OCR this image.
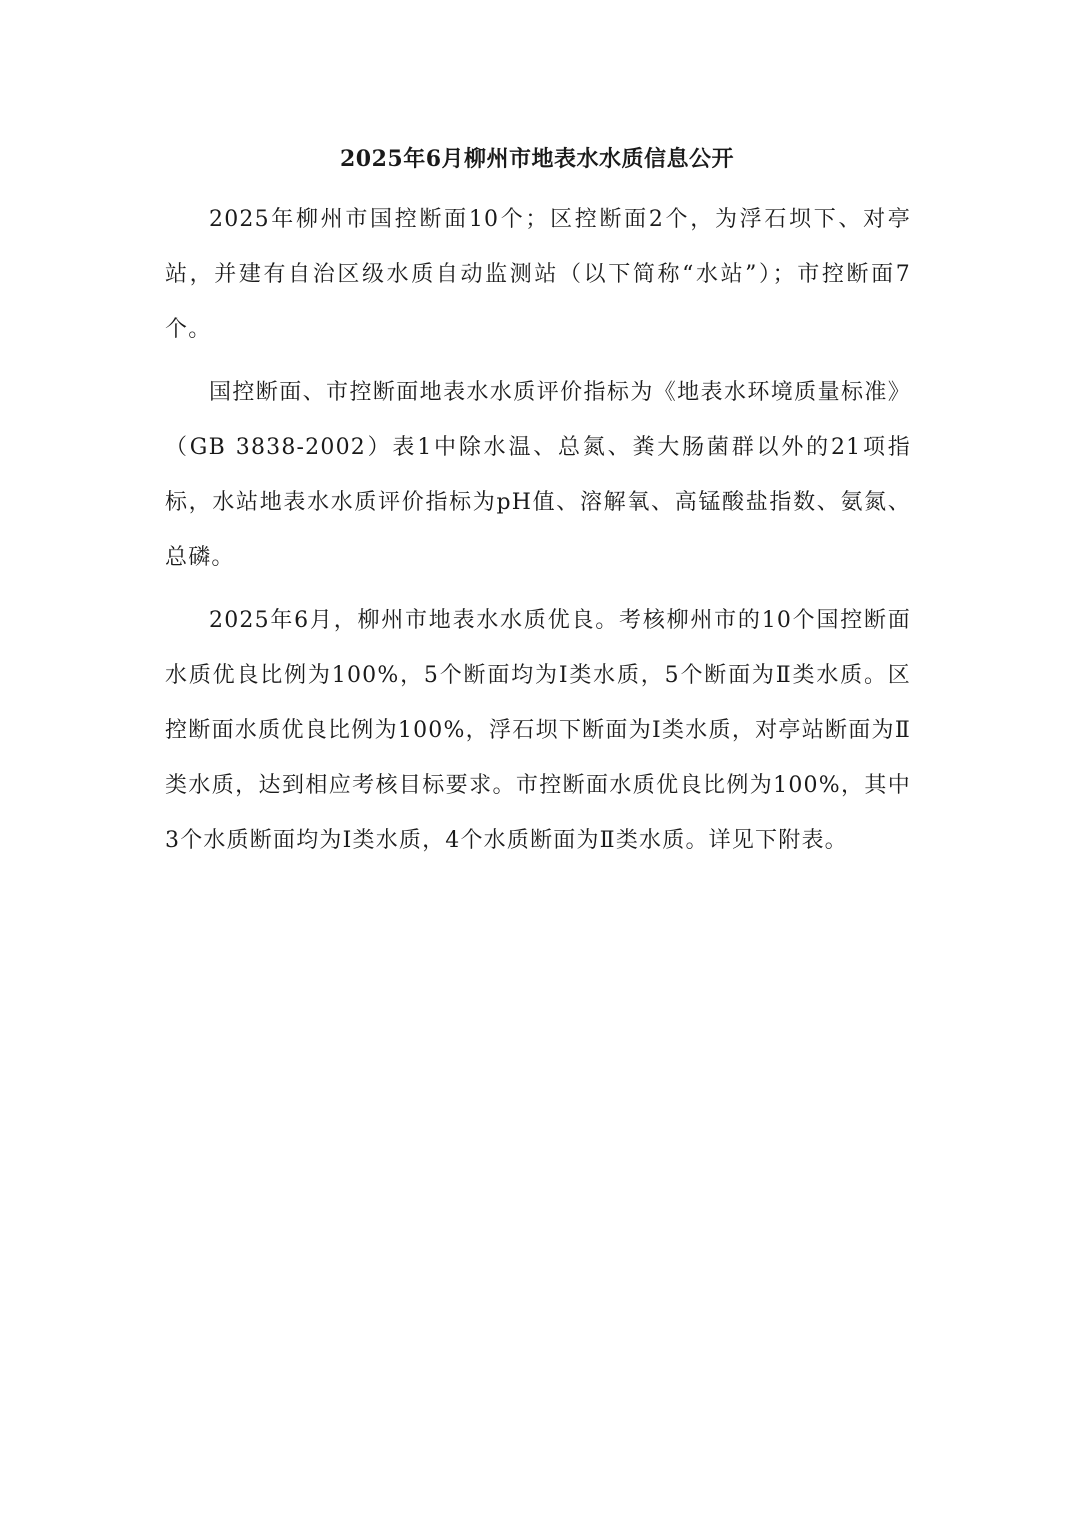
2025年6月柳州市地表水水质信息公开

2025年柳州市国控断面10个；区控断面2个，为浮石坝下、对亭站，并建有自治区级水质自动监测站（以下简称“水站”）；市控断面7个。

国控断面、市控断面地表水水质评价指标为《地表水环境质量标准》（GB 3838-2002）表1中除水温、总氮、粪大肠菌群以外的21项指标，水站地表水水质评价指标为pH值、溶解氧、高锰酸盐指数、氨氮、总磷。

2025年6月，柳州市地表水水质优良。考核柳州市的10个国控断面水质优良比例为100%，5个断面均为Ⅰ类水质，5个断面为Ⅱ类水质。区控断面水质优良比例为100%，浮石坝下断面为Ⅰ类水质，对亭站断面为Ⅱ类水质，达到相应考核目标要求。市控断面水质优良比例为100%，其中3个水质断面均为Ⅰ类水质，4个水质断面为Ⅱ类水质。详见下附表。
